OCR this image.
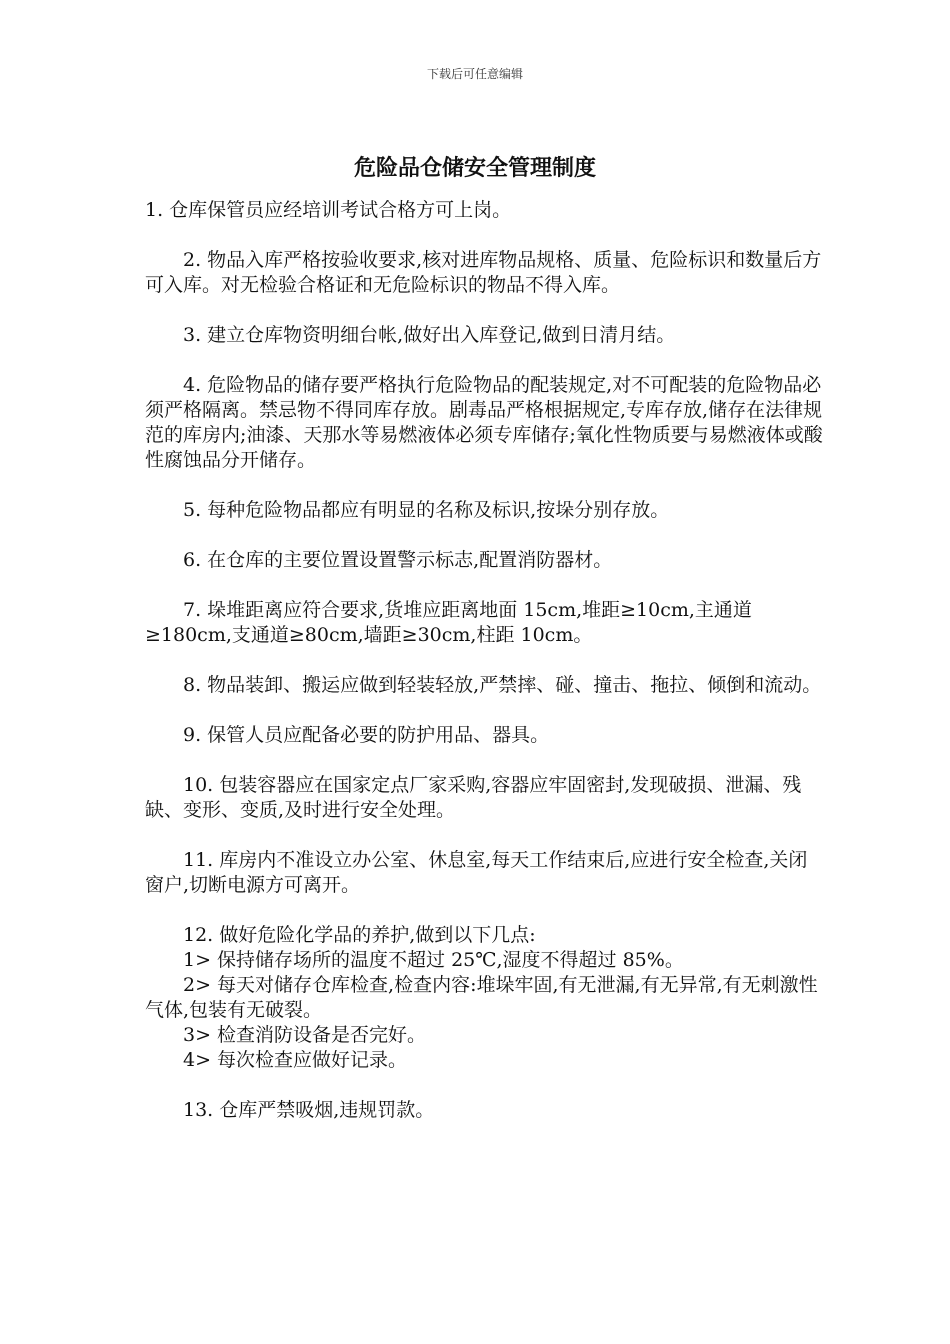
下载后可任意编辑
危险品仓储安全管理制度

1. 仓库保管员应经培训考试合格方可上岗。

2. 物品入库严格按验收要求,核对进库物品规格、质量、危险标识和数量后方可入库。对无检验合格证和无危险标识的物品不得入库。

3. 建立仓库物资明细台帐,做好出入库登记,做到日清月结。

4. 危险物品的储存要严格执行危险物品的配装规定,对不可配装的危险物品必须严格隔离。禁忌物不得同库存放。剧毒品严格根据规定,专库存放,储存在法律规范的库房内;油漆、天那水等易燃液体必须专库储存;氧化性物质要与易燃液体或酸性腐蚀品分开储存。

5. 每种危险物品都应有明显的名称及标识,按垛分别存放。

6. 在仓库的主要位置设置警示标志,配置消防器材。

7. 垛堆距离应符合要求,货堆应距离地面 15cm,堆距≥10cm,主通道≥180cm,支通道≥80cm,墙距≥30cm,柱距 10cm。

8. 物品装卸、搬运应做到轻装轻放,严禁摔、碰、撞击、拖拉、倾倒和流动。

9. 保管人员应配备必要的防护用品、器具。

10. 包装容器应在国家定点厂家采购,容器应牢固密封,发现破损、泄漏、残缺、变形、变质,及时进行安全处理。

11. 库房内不准设立办公室、休息室,每天工作结束后,应进行安全检查,关闭窗户,切断电源方可离开。

12. 做好危险化学品的养护,做到以下几点:

1> 保持储存场所的温度不超过 25℃,湿度不得超过 85%。

2> 每天对储存仓库检查,检查内容:堆垛牢固,有无泄漏,有无异常,有无刺激性气体,包装有无破裂。

3> 检查消防设备是否完好。

4> 每次检查应做好记录。

13. 仓库严禁吸烟,违规罚款。
